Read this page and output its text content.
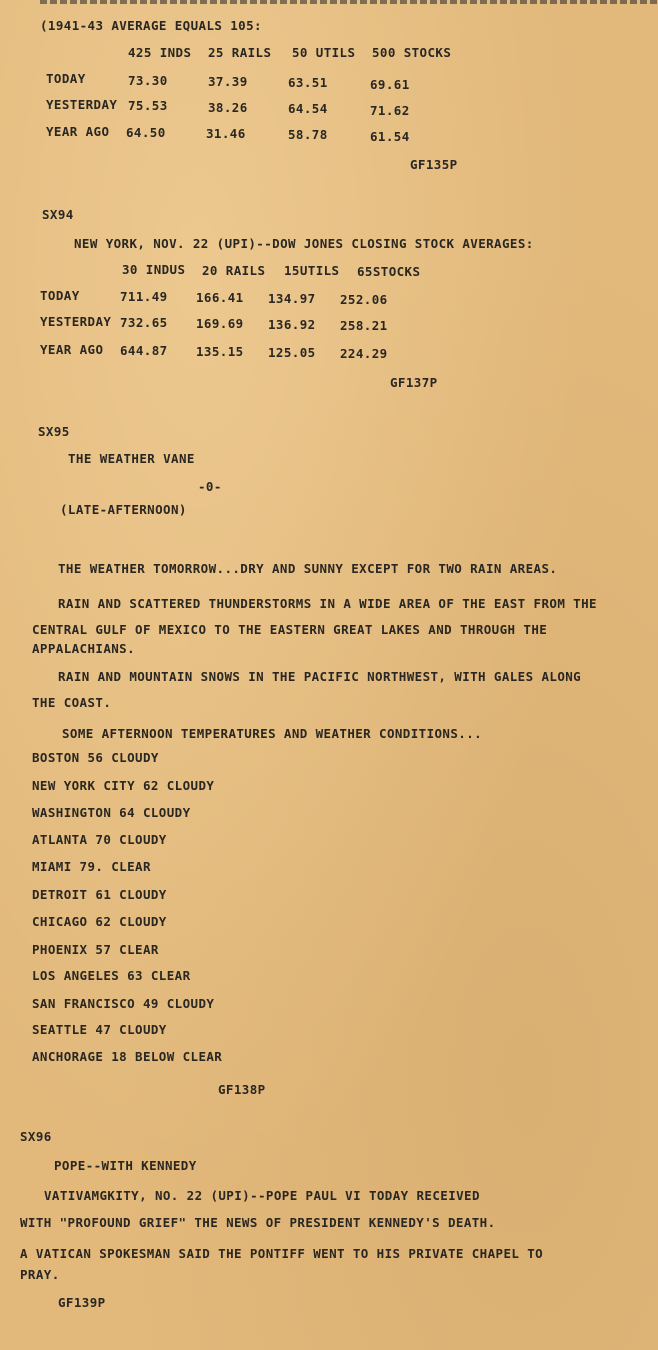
(1941-43 AVERAGE EQUALS 105:
425 INDS 25 RAILS 50 UTILS 500 STOCKS
TODAY	73.30	37.39	63.51	69.61
YESTERDAY 75.53	38.26	64.54	71.62
YEAR AGO 64.50	31.46	58.78	61.54
GF135P
SX94
NEW YORK, NOV. 22 (UPI)--DOW JONES CLOSING STOCK AVERAGES:
30 INDUS 20 RAILS 15UTILS 65STOCKS
TODAY	711.49 166.41 134.97 252.06
YESTERDAY 732.65 169.69 136.92 258.21
YEAR AGO 644.87 135.15 125.05 224.29
GF137P
SX95
THE WEATHER VANE
-0-
(LATE-AFTERNOON)
THE WEATHER TOMORROW...DRY AND SUNNY EXCEPT FOR TWO RAIN AREAS.
RAIN AND SCATTERED THUNDERSTORMS IN A WIDE AREA OF THE EAST FROM THE
CENTRAL GULF OF MEXICO TO THE EASTERN GREAT LAKES AND THROUGH THE
APPALACHIANS.
RAIN AND MOUNTAIN SNOWS IN THE PACIFIC NORTHWEST, WITH GALES ALONG
THE COAST.
SOME AFTERNOON TEMPERATURES AND WEATHER CONDITIONS...
BOSTON 56 CLOUDY
NEW YORK CITY 62 CLOUDY
WASHINGTON 64 CLOUDY
ATLANTA 70 CLOUDY
MIAMI 79. CLEAR
DETROIT 61 CLOUDY
CHICAGO 62 CLOUDY
PHOENIX 57 CLEAR
LOS ANGELES 63 CLEAR
SAN FRANCISCO 49 CLOUDY
SEATTLE 47 CLOUDY
ANCHORAGE 18 BELOW CLEAR
GF138P
SX96
POPE--WITH KENNEDY
VATIVAMGKITY, NO. 22 (UPI)--POPE PAUL VI TODAY RECEIVED
WITH "PROFOUND GRIEF" THE NEWS OF PRESIDENT KENNEDY'S DEATH.
A VATICAN SPOKESMAN SAID THE PONTIFF WENT TO HIS PRIVATE CHAPEL TO
PRAY.
GF139P
